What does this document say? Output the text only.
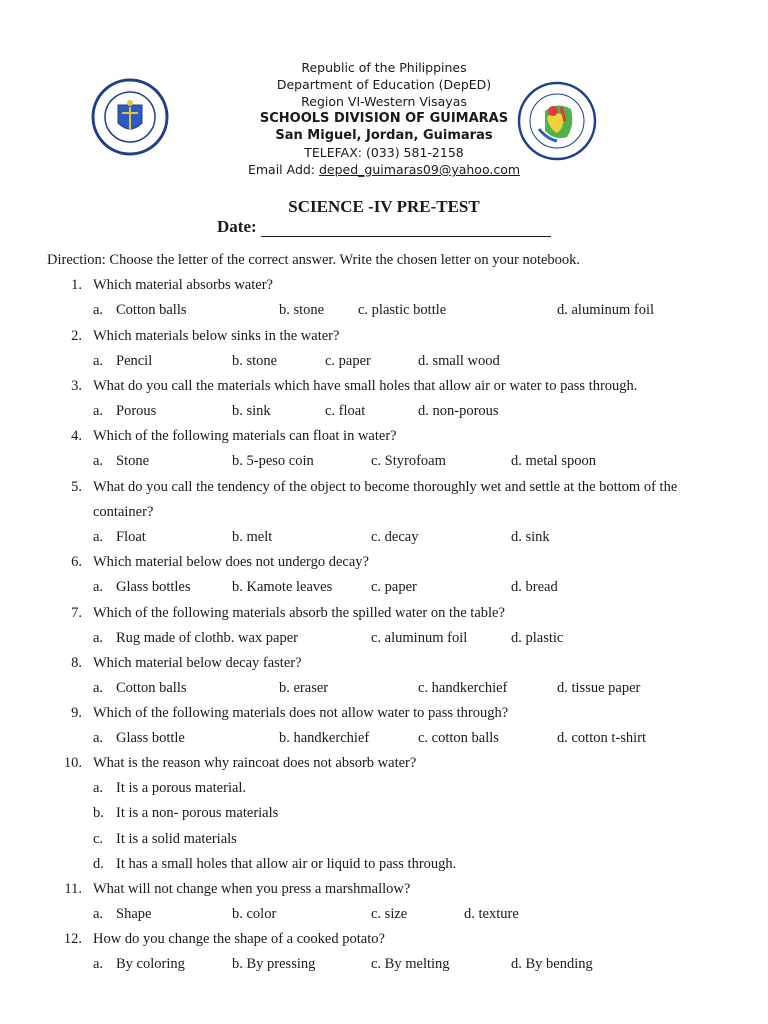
Republic of the Philippines
Department of Education (DepED)
Region VI-Western Visayas
SCHOOLS DIVISION OF GUIMARAS
San Miguel, Jordan, Guimaras
TELEFAX: (033) 581-2158
Email Add: deped_guimaras09@yahoo.com
SCIENCE -IV PRE-TEST
Date:
Direction: Choose the letter of the correct answer. Write the chosen letter on your notebook.
1. Which material absorbs water?
a. Cotton balls	b. stone c. plastic bottle	d. aluminum foil
2. Which materials below sinks in the water?
a. Pencil	b. stone	c. paper	d. small wood
3. What do you call the materials which have small holes that allow air or water to pass through.
a. Porous	b. sink	c. float	d. non-porous
4. Which of the following materials can float in water?
a. Stone	b. 5-peso coin	c. Styrofoam	d. metal spoon
5. What do you call the tendency of the object to become thoroughly wet and settle at the bottom of the
container?
a. Float	b. melt	c. decay	d. sink
6. Which material below does not undergo decay?
a. Glass bottles	b. Kamote leaves	c. paper	d. bread
7. Which of the following materials absorb the spilled water on the table?
a. Rug made of clothb. wax paper	c. aluminum foil	d. plastic
8. Which material below decay faster?
a. Cotton balls	b. eraser	c. handkerchief	d. tissue paper
9. Which of the following materials does not allow water to pass through?
a. Glass bottle	b. handkerchief	c. cotton balls	d. cotton t-shirt
10. What is the reason why raincoat does not absorb water?
a. It is a porous material.
b. It is a non- porous materials
c. It is a solid materials
d. It has a small holes that allow air or liquid to pass through.
11. What will not change when you press a marshmallow?
a. Shape	b. color	c. size	d. texture
12. How do you change the shape of a cooked potato?
a. By coloring	b. By pressing	c. By melting	d. By bending
